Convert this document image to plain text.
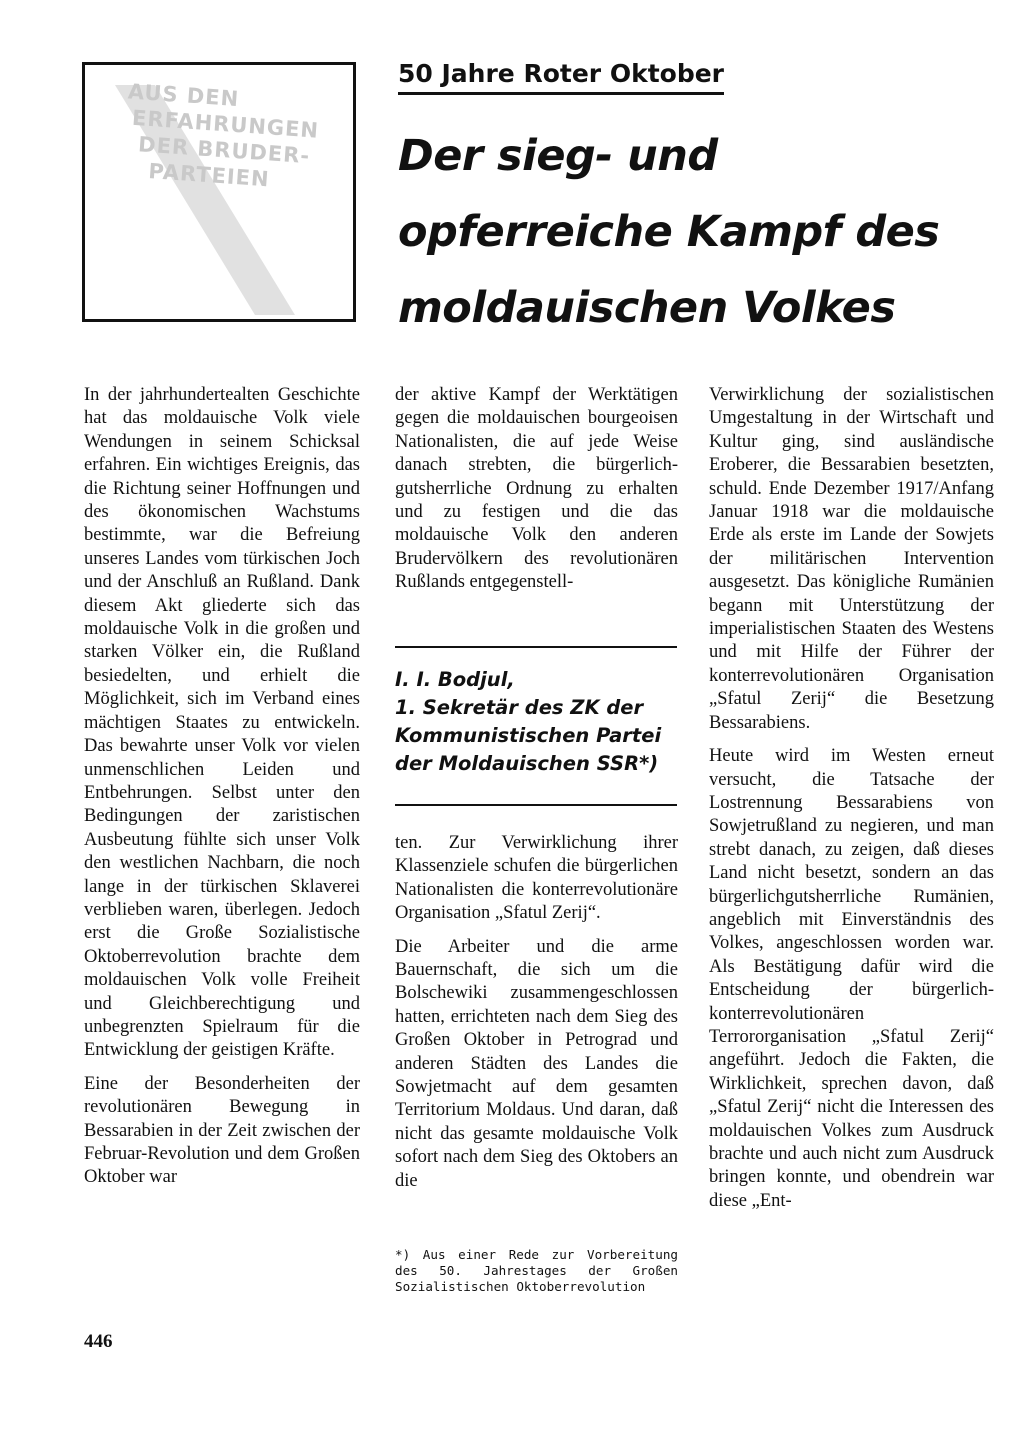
AUS DEN
ERFAHRUNGEN
DER BRUDER-
PARTEIEN
50 Jahre Roter Oktober
Der sieg- und
opferreiche Kampf des
moldauischen Volkes

In der jahrhundertealten Geschichte hat das moldauische Volk viele Wendungen in seinem Schicksal erfahren. Ein wichtiges Ereignis, das die Richtung seiner Hoffnungen und des ökonomischen Wachstums bestimmte, war die Befreiung unseres Landes vom türkischen Joch und der Anschluß an Rußland. Dank diesem Akt gliederte sich das moldauische Volk in die großen und starken Völker ein, die Rußland besiedelten, und erhielt die Möglichkeit, sich im Verband eines mächtigen Staates zu entwickeln. Das bewahrte unser Volk vor vielen unmenschlichen Leiden und Entbehrungen. Selbst unter den Bedingungen der zaristischen Ausbeutung fühlte sich unser Volk den westlichen Nachbarn, die noch lange in der türkischen Sklaverei verblieben waren, überlegen. Jedoch erst die Große Sozialistische Oktoberrevolution brachte dem moldauischen Volk volle Freiheit und Gleichberechtigung und unbegrenzten Spielraum für die Entwicklung der geistigen Kräfte.

Eine der Besonderheiten der revolutionären Bewegung in Bessarabien in der Zeit zwischen der Februar-Revolution und dem Großen Oktober war

der aktive Kampf der Werktätigen gegen die moldauischen bourgeoisen Nationalisten, die auf jede Weise danach strebten, die bürgerlich-gutsherrliche Ordnung zu erhalten und zu festigen und die das moldauische Volk den anderen Brudervölkern des revolutionären Rußlands entgegenstell-

I. I. Bodjul,
1. Sekretär des ZK der
Kommunistischen Partei
der Moldauischen SSR*)

ten. Zur Verwirklichung ihrer Klassenziele schufen die bürgerlichen Nationalisten die konterrevolutionäre Organisation „Sfatul Zerij“.

Die Arbeiter und die arme Bauernschaft, die sich um die Bolschewiki zusammengeschlossen hatten, errichteten nach dem Sieg des Großen Oktober in Petrograd und anderen Städten des Landes die Sowjetmacht auf dem gesamten Territorium Moldaus. Und daran, daß nicht das gesamte moldauische Volk sofort nach dem Sieg des Oktobers an die

*) Aus einer Rede zur Vorbereitung des 50. Jahrestages der Großen Sozialistischen Oktoberrevolution

Verwirklichung der sozialistischen Umgestaltung in der Wirtschaft und Kultur ging, sind ausländische Eroberer, die Bessarabien besetzten, schuld. Ende Dezember 1917/Anfang Januar 1918 war die moldauische Erde als erste im Lande der Sowjets der militärischen Intervention ausgesetzt. Das königliche Rumänien begann mit Unterstützung der imperialistischen Staaten des Westens und mit Hilfe der Führer der konterrevolutionären Organisation „Sfatul Zerij“ die Besetzung Bessarabiens.

Heute wird im Westen erneut versucht, die Tatsache der Lostrennung Bessarabiens von Sowjetrußland zu negieren, und man strebt danach, zu zeigen, daß dieses Land nicht besetzt, sondern an das bürgerlichgutsherrliche Rumänien, angeblich mit Einverständnis des Volkes, angeschlossen worden war. Als Bestätigung dafür wird die Entscheidung der bürgerlich-konterrevolutionären Terrororganisation „Sfatul Zerij“ angeführt. Jedoch die Fakten, die Wirklichkeit, sprechen davon, daß „Sfatul Zerij“ nicht die Interessen des moldauischen Volkes zum Ausdruck brachte und auch nicht zum Ausdruck bringen konnte, und obendrein war diese „Ent-

446
